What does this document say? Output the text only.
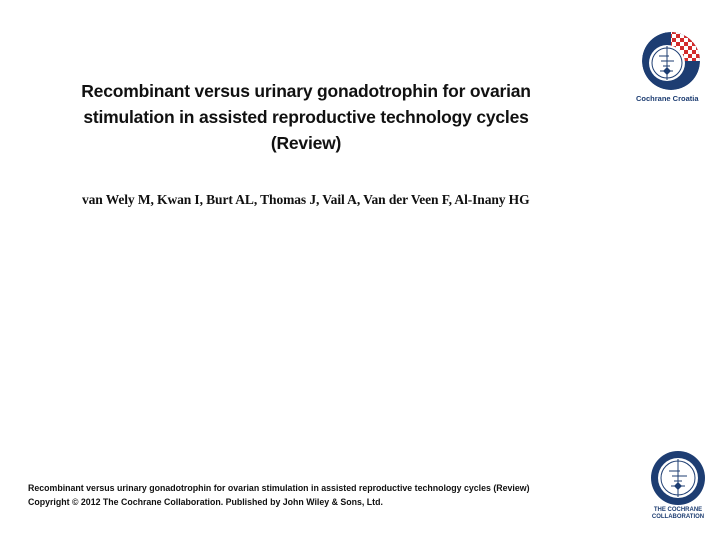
Recombinant versus urinary gonadotrophin for ovarian
stimulation in assisted reproductive technology cycles
(Review)
van Wely M, Kwan I, Burt AL, Thomas J, Vail A, Van der Veen F, Al-Inany HG
Cochrane Croatia
Recombinant versus urinary gonadotrophin for ovarian stimulation in assisted reproductive technology cycles (Review)
Copyright © 2012 The Cochrane Collaboration. Published by John Wiley & Sons, Ltd.
THE COCHRANE
COLLABORATION
